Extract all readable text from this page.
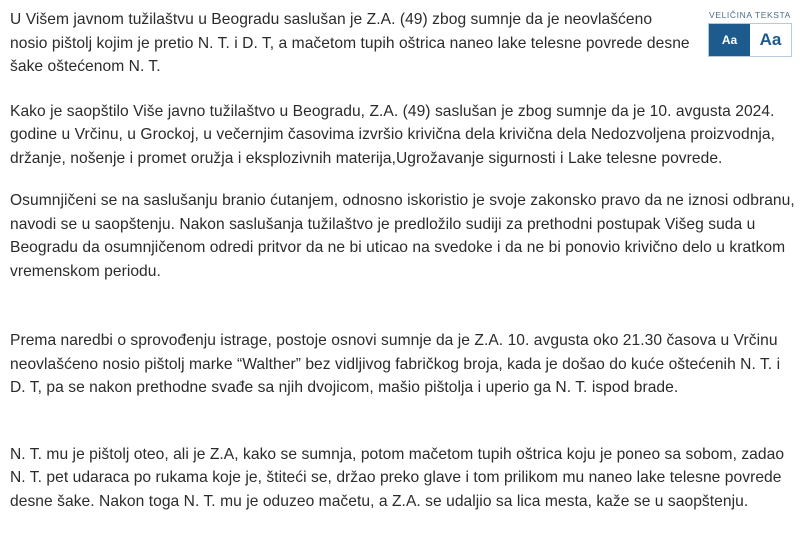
VELIČINA TEKSTA
Aa	Aa

U Višem javnom tužilaštvu u Beogradu saslušan je Z.A. (49) zbog sumnje da je neovlašćeno nosio pištolj kojim je pretio N. T. i D. T, a mačetom tupih oštrica naneo lake telesne povrede desne šake oštećenom N. T.

Kako je saopštilo Više javno tužilaštvo u Beogradu, Z.A. (49) saslušan je zbog sumnje da je 10. avgusta 2024. godine u Vrčinu, u Grockoj, u večernjim časovima izvršio krivična dela krivična dela Nedozvoljena proizvodnja, držanje, nošenje i promet oružja i eksplozivnih materija,Ugrožavanje sigurnosti i Lake telesne povrede.

Osumnjičeni se na saslušanju branio ćutanjem, odnosno iskoristio je svoje zakonsko pravo da ne iznosi odbranu, navodi se u saopštenju. Nakon saslušanja tužilaštvo je predložilo sudiji za prethodni postupak Višeg suda u Beogradu da osumnjičenom odredi pritvor da ne bi uticao na svedoke i da ne bi ponovio krivično delo u kratkom vremenskom periodu.

Prema naredbi o sprovođenju istrage, postoje osnovi sumnje da je Z.A. 10. avgusta oko 21.30 časova u Vrčinu neovlašćeno nosio pištolj marke “Walther” bez vidljivog fabričkog broja, kada je došao do kuće oštećenih N. T. i D. T, pa se nakon prethodne svađe sa njih dvojicom, mašio pištolja i uperio ga N. T. ispod brade.

N. T. mu je pištolj oteo, ali je Z.A, kako se sumnja, potom mačetom tupih oštrica koju je poneo sa sobom, zadao N. T. pet udaraca po rukama koje je, štiteći se, držao preko glave i tom prilikom mu naneo lake telesne povrede desne šake. Nakon toga N. T. mu je oduzeo mačetu, a Z.A. se udaljio sa lica mesta, kaže se u saopštenju.
